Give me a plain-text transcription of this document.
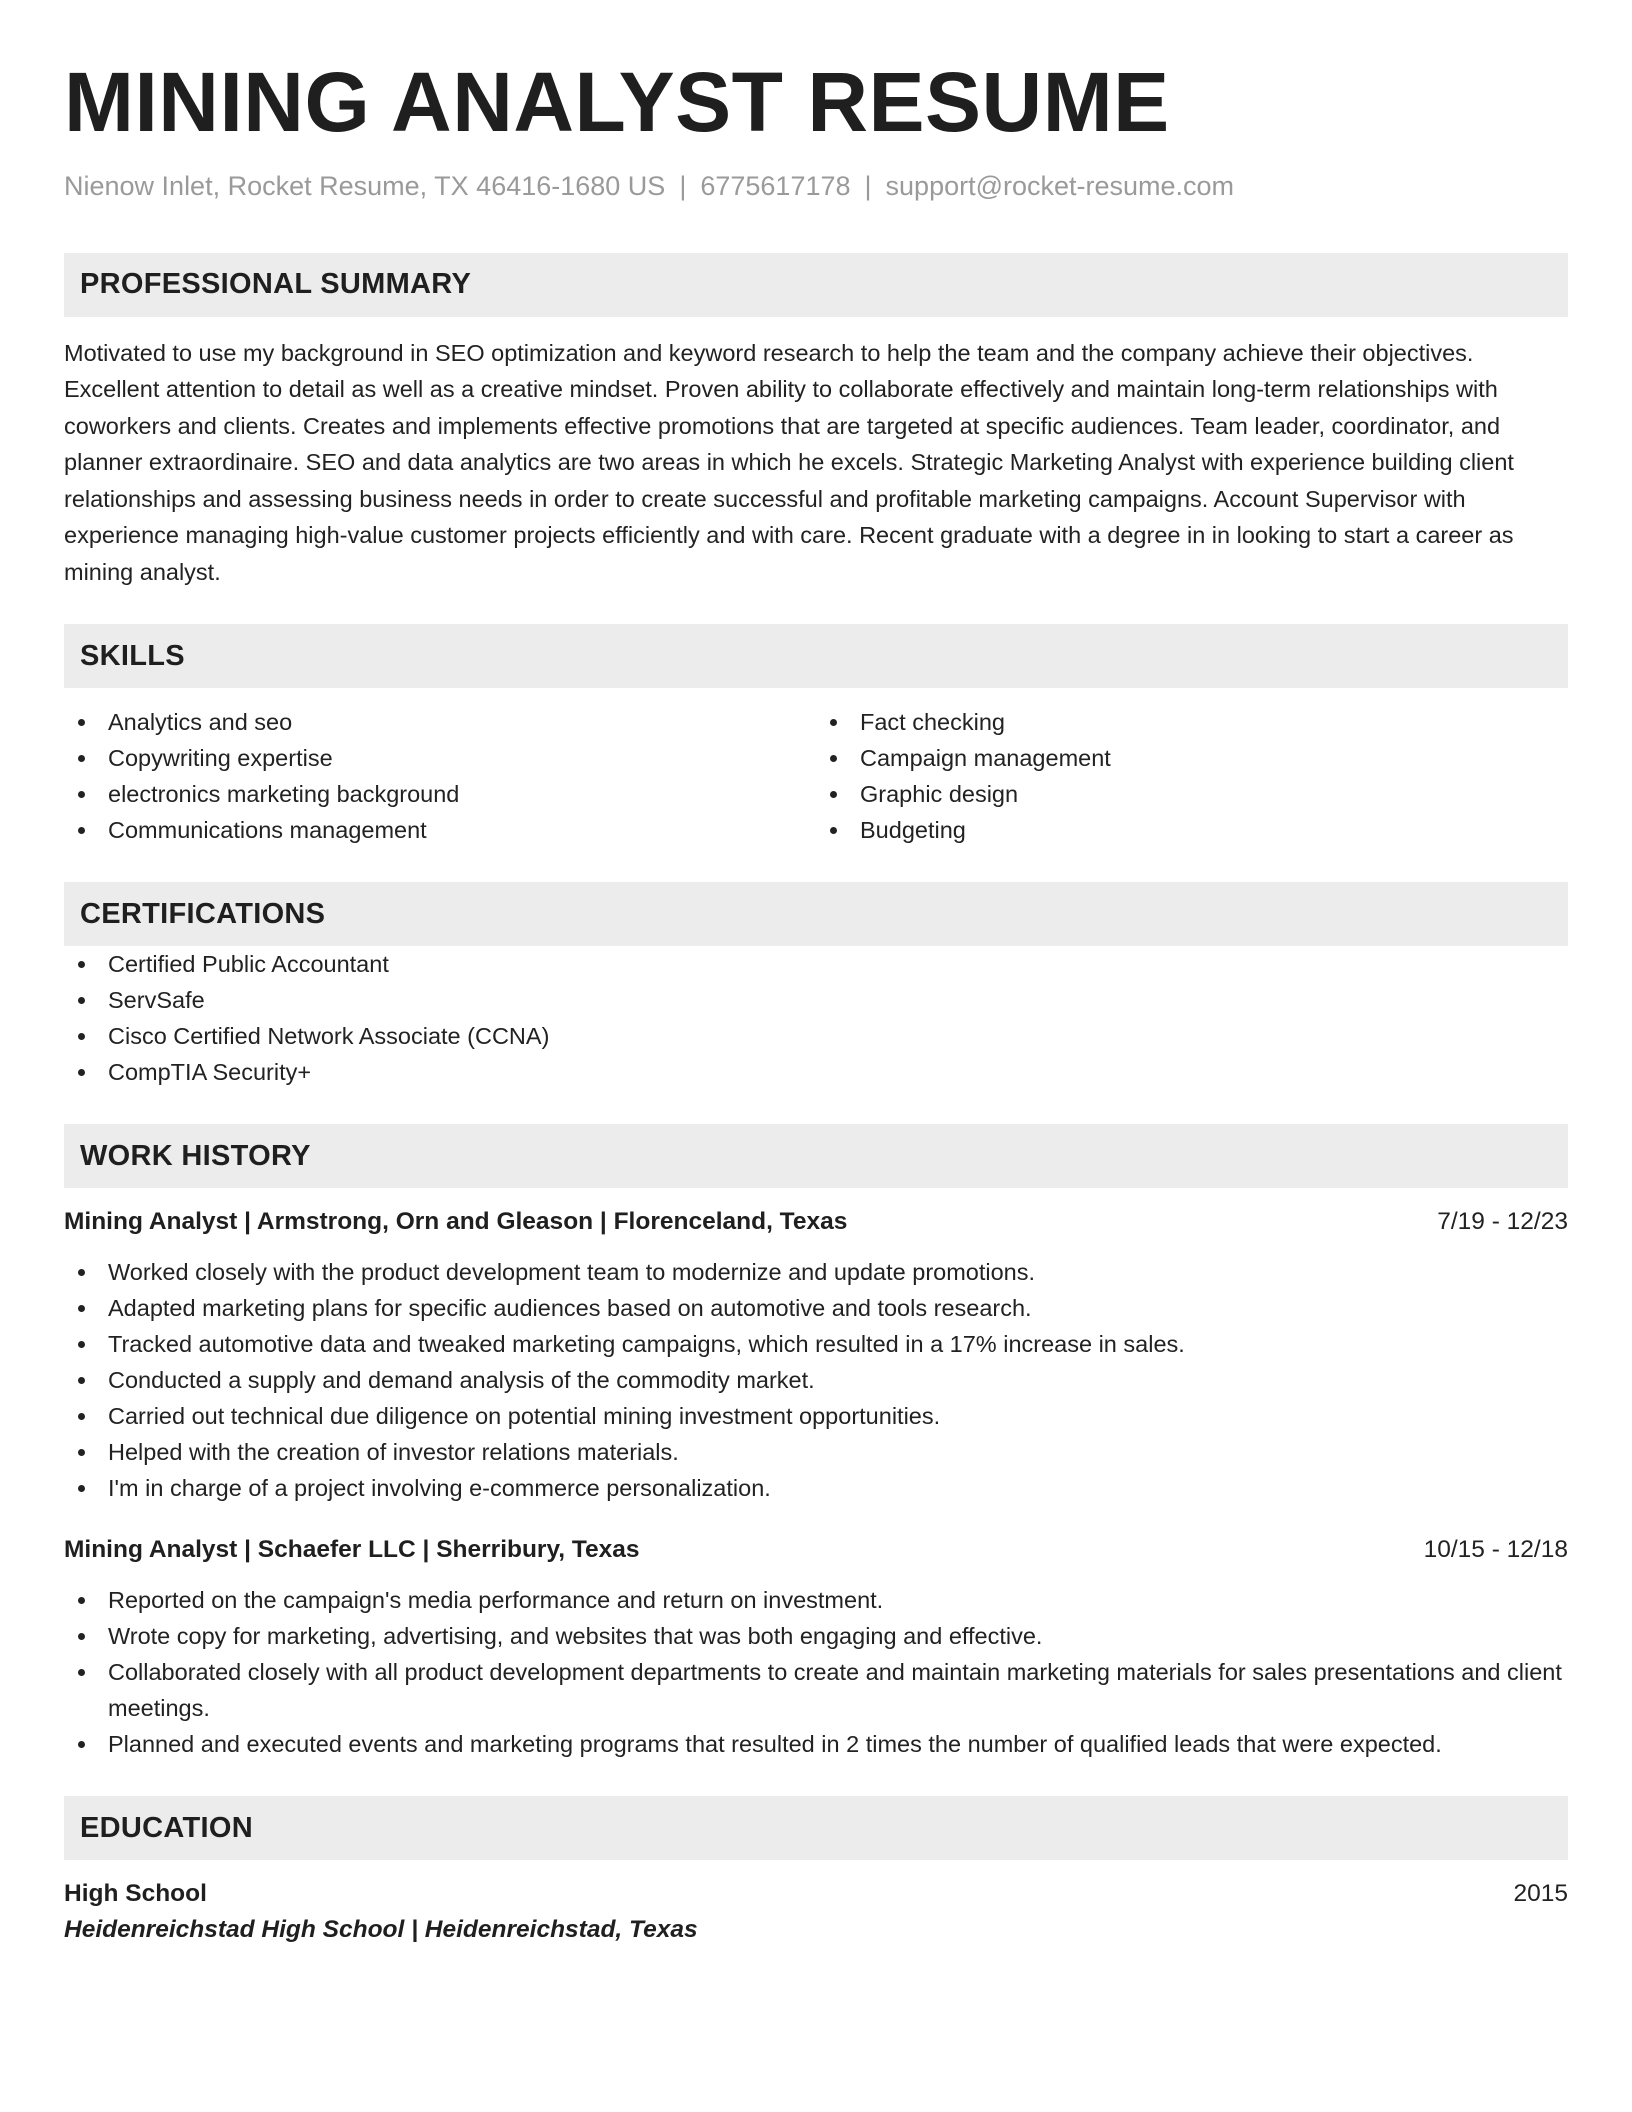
MINING ANALYST RESUME
Nienow Inlet, Rocket Resume, TX 46416-1680 US | 6775617178 | support@rocket-resume.com
PROFESSIONAL SUMMARY

Motivated to use my background in SEO optimization and keyword research to help the team and the company achieve their objectives. Excellent attention to detail as well as a creative mindset. Proven ability to collaborate effectively and maintain long-term relationships with coworkers and clients. Creates and implements effective promotions that are targeted at specific audiences. Team leader, coordinator, and planner extraordinaire. SEO and data analytics are two areas in which he excels. Strategic Marketing Analyst with experience building client relationships and assessing business needs in order to create successful and profitable marketing campaigns. Account Supervisor with experience managing high-value customer projects efficiently and with care. Recent graduate with a degree in in looking to start a career as mining analyst.

SKILLS
Analytics and seo
Copywriting expertise
electronics marketing background
Communications management
Fact checking
Campaign management
Graphic design
Budgeting
CERTIFICATIONS
Certified Public Accountant
ServSafe
Cisco Certified Network Associate (CCNA)
CompTIA Security+
WORK HISTORY
Mining Analyst | Armstrong, Orn and Gleason | Florenceland, Texas	7/19 - 12/23
Worked closely with the product development team to modernize and update promotions.
Adapted marketing plans for specific audiences based on automotive and tools research.
Tracked automotive data and tweaked marketing campaigns, which resulted in a 17% increase in sales.
Conducted a supply and demand analysis of the commodity market.
Carried out technical due diligence on potential mining investment opportunities.
Helped with the creation of investor relations materials.
I'm in charge of a project involving e-commerce personalization.
Mining Analyst | Schaefer LLC | Sherribury, Texas	10/15 - 12/18
Reported on the campaign's media performance and return on investment.
Wrote copy for marketing, advertising, and websites that was both engaging and effective.
Collaborated closely with all product development departments to create and maintain marketing materials for sales presentations and client meetings.
Planned and executed events and marketing programs that resulted in 2 times the number of qualified leads that were expected.
EDUCATION
High School	2015
Heidenreichstad High School | Heidenreichstad, Texas
